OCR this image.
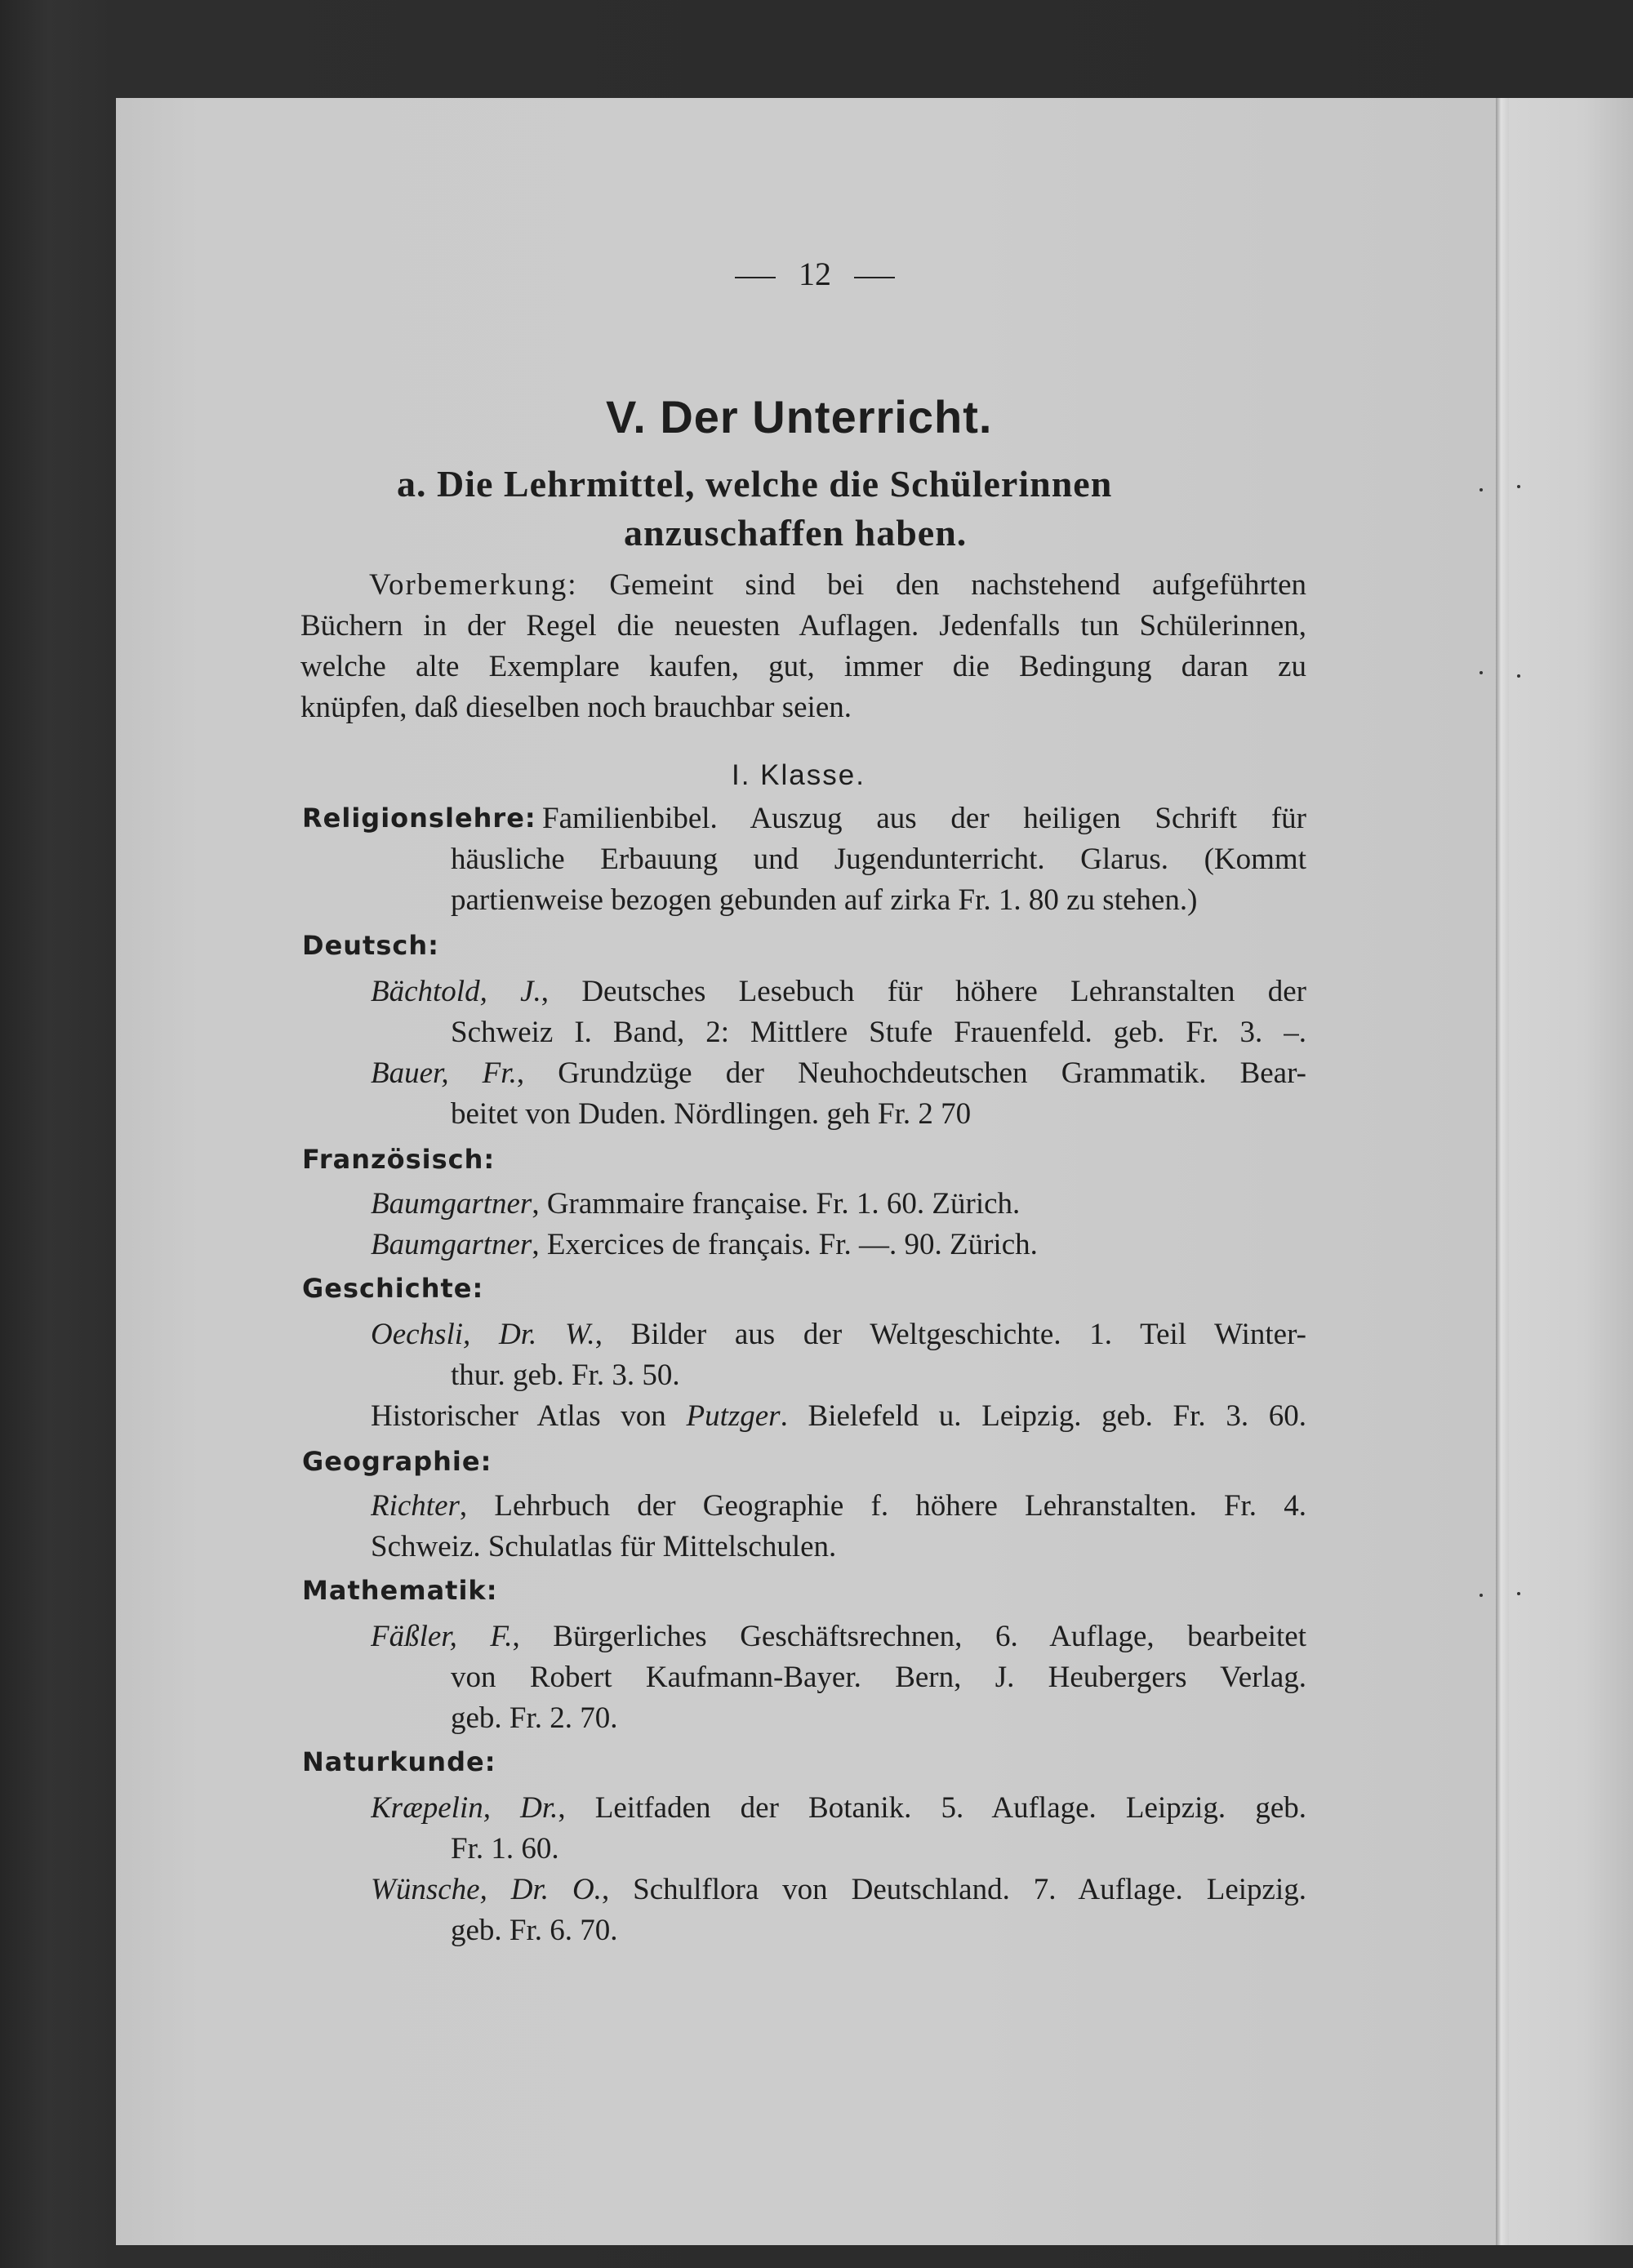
12
V. Der Unterricht.
a. Die Lehrmittel, welche die Schülerinnen
anzuschaffen haben.
Vorbemerkung: Gemeint sind bei den nachstehend aufgeführten
Büchern in der Regel die neuesten Auflagen. Jedenfalls tun Schülerinnen,
welche alte Exemplare kaufen, gut, immer die Bedingung daran zu
knüpfen, daß dieselben noch brauchbar seien.
I. Klasse.
Religionslehre: Familienbibel. Auszug aus der heiligen Schrift für
häusliche Erbauung und Jugendunterricht. Glarus. (Kommt
partienweise bezogen gebunden auf zirka Fr. 1. 80 zu stehen.)
Deutsch:
Bächtold, J., Deutsches Lesebuch für höhere Lehranstalten der
Schweiz I. Band, 2: Mittlere Stufe Frauenfeld. geb. Fr. 3. –.
Bauer, Fr., Grundzüge der Neuhochdeutschen Grammatik. Bear-
beitet von Duden. Nördlingen. geh Fr. 2 70
Französisch:
Baumgartner, Grammaire française. Fr. 1. 60. Zürich.
Baumgartner, Exercices de français. Fr. —. 90. Zürich.
Geschichte:
Oechsli, Dr. W., Bilder aus der Weltgeschichte. 1. Teil Winter-
thur. geb. Fr. 3. 50.
Historischer Atlas von Putzger. Bielefeld u. Leipzig. geb. Fr. 3. 60.
Geographie:
Richter, Lehrbuch der Geographie f. höhere Lehranstalten. Fr. 4.
Schweiz. Schulatlas für Mittelschulen.
Mathematik:
Fäßler, F., Bürgerliches Geschäftsrechnen, 6. Auflage, bearbeitet
von Robert Kaufmann-Bayer. Bern, J. Heubergers Verlag.
geb. Fr. 2. 70.
Naturkunde:
Kræpelin, Dr., Leitfaden der Botanik. 5. Auflage. Leipzig. geb.
Fr. 1. 60.
Wünsche, Dr. O., Schulflora von Deutschland. 7. Auflage. Leipzig.
geb. Fr. 6. 70.
